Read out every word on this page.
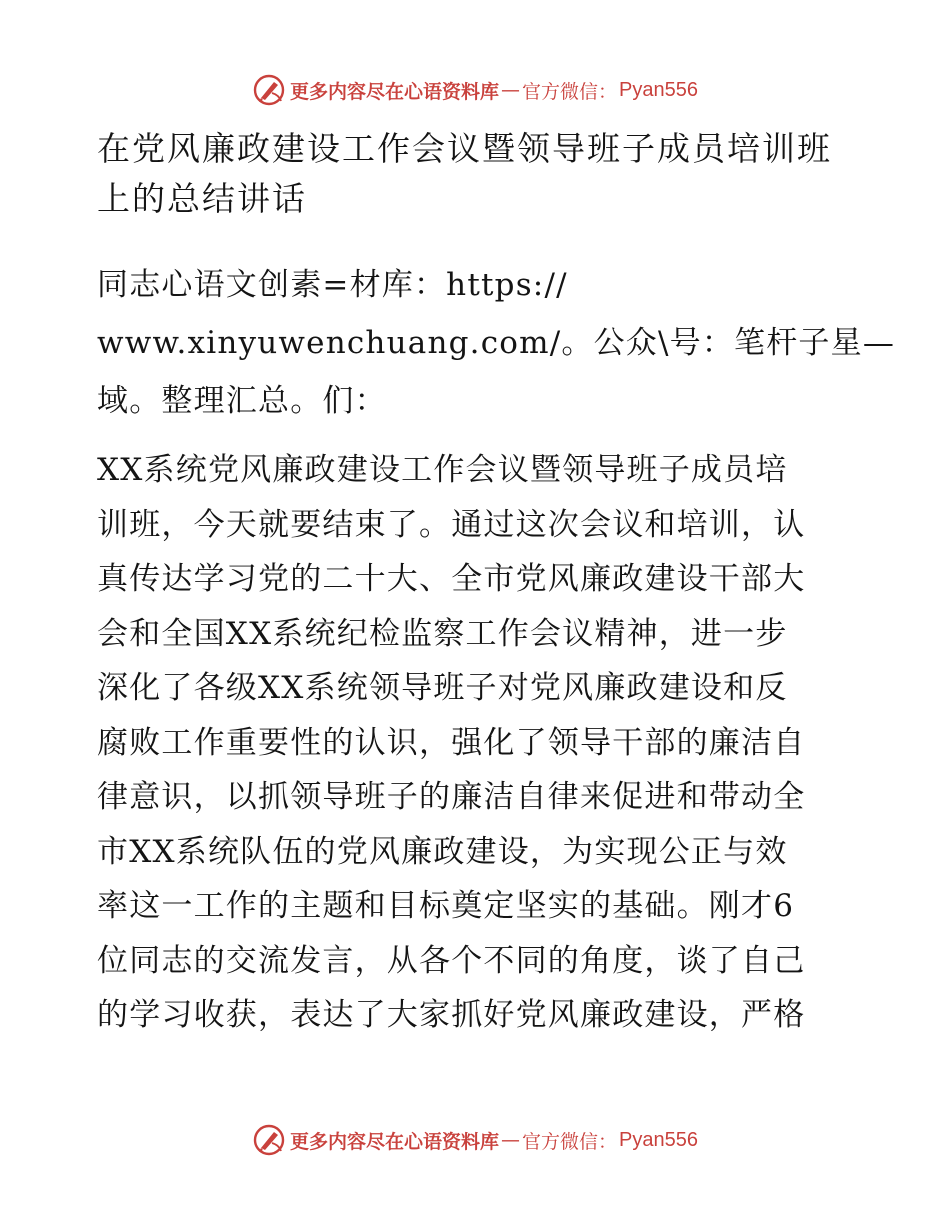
更多内容尽在心语资料库 — 官方微信： Pyan556
在党风廉政建设工作会议暨领导班子成员培训班
上的总结讲话
同志心语文创素=材库：https://
www.xinyuwenchuang.com/。公众\号：笔杆子星—
域。整理汇总。们：
XX系统党风廉政建设工作会议暨领导班子成员培
训班，今天就要结束了。通过这次会议和培训，认
真传达学习党的二十大、全市党风廉政建设干部大
会和全国XX系统纪检监察工作会议精神，进一步
深化了各级XX系统领导班子对党风廉政建设和反
腐败工作重要性的认识，强化了领导干部的廉洁自
律意识，以抓领导班子的廉洁自律来促进和带动全
市XX系统队伍的党风廉政建设，为实现公正与效
率这一工作的主题和目标奠定坚实的基础。刚才6
位同志的交流发言，从各个不同的角度，谈了自己
的学习收获，表达了大家抓好党风廉政建设，严格
更多内容尽在心语资料库 — 官方微信： Pyan556
